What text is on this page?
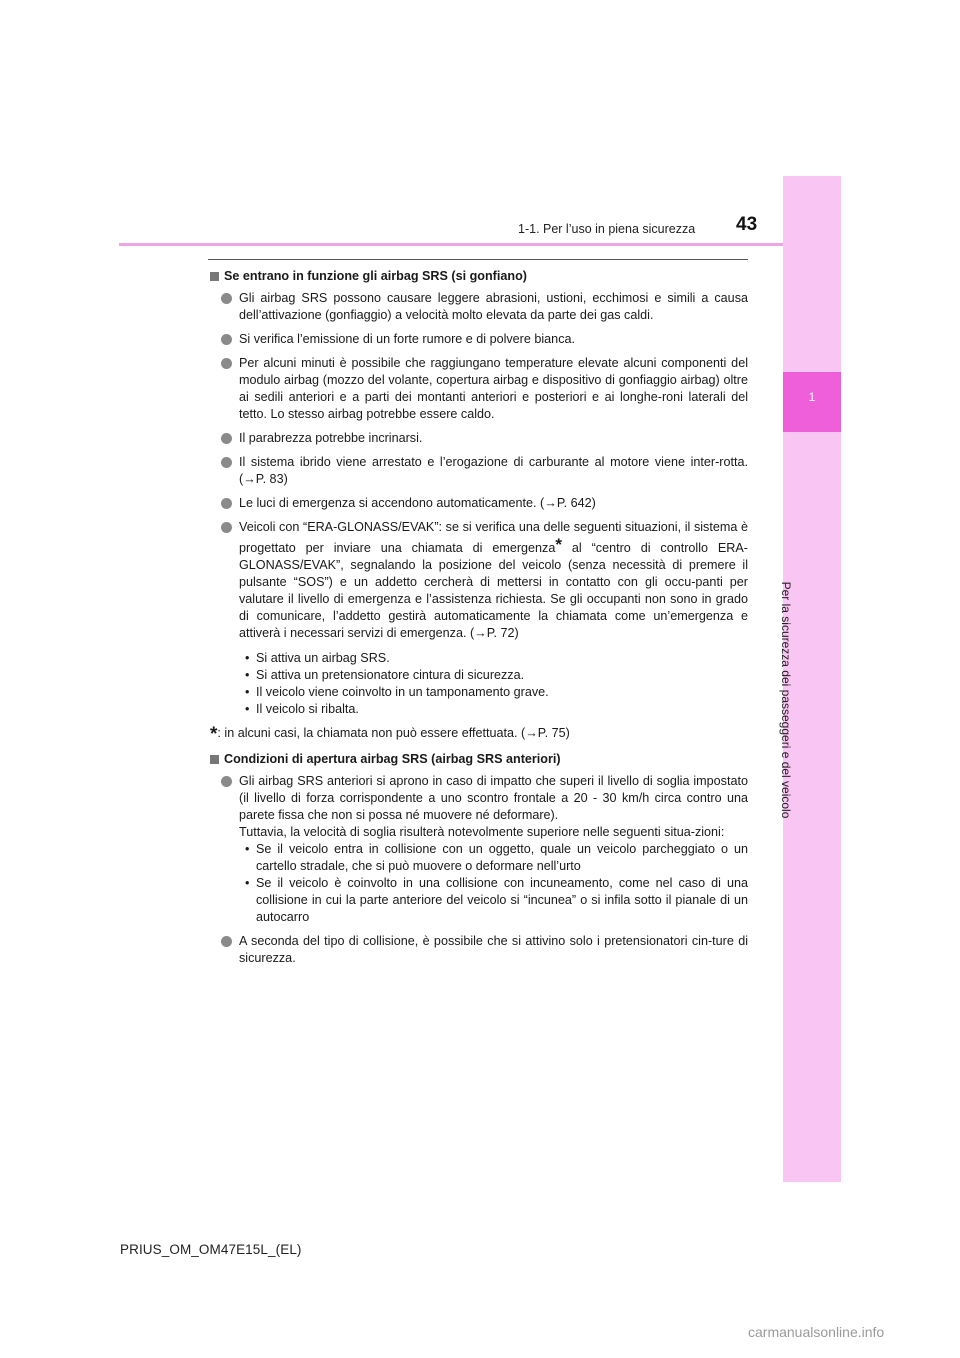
1
Per la sicurezza dei passeggeri e del veicolo
1-1. Per l’uso in piena sicurezza 43
Se entrano in funzione gli airbag SRS (si gonfiano)

Gli airbag SRS possono causare leggere abrasioni, ustioni, ecchimosi e simili a causa dell’attivazione (gonfiaggio) a velocità molto elevata da parte dei gas caldi.

Si verifica l’emissione di un forte rumore e di polvere bianca.

Per alcuni minuti è possibile che raggiungano temperature elevate alcuni componenti del modulo airbag (mozzo del volante, copertura airbag e dispositivo di gonfiaggio airbag) oltre ai sedili anteriori e a parti dei montanti anteriori e posteriori e ai longhe-roni laterali del tetto. Lo stesso airbag potrebbe essere caldo.

Il parabrezza potrebbe incrinarsi.

Il sistema ibrido viene arrestato e l’erogazione di carburante al motore viene inter-rotta. (→P. 83)

Le luci di emergenza si accendono automaticamente. (→P. 642)

Veicoli con “ERA-GLONASS/EVAK”: se si verifica una delle seguenti situazioni, il sistema è progettato per inviare una chiamata di emergenza* al “centro di controllo ERA-GLONASS/EVAK”, segnalando la posizione del veicolo (senza necessità di premere il pulsante “SOS”) e un addetto cercherà di mettersi in contatto con gli occu-panti per valutare il livello di emergenza e l’assistenza richiesta. Se gli occupanti non sono in grado di comunicare, l’addetto gestirà automaticamente la chiamata come un’emergenza e attiverà i necessari servizi di emergenza. (→P. 72)

• Si attiva un airbag SRS.
• Si attiva un pretensionatore cintura di sicurezza.
• Il veicolo viene coinvolto in un tamponamento grave.
• Il veicolo si ribalta.
*: in alcuni casi, la chiamata non può essere effettuata. (→P. 75)
Condizioni di apertura airbag SRS (airbag SRS anteriori)

Gli airbag SRS anteriori si aprono in caso di impatto che superi il livello di soglia impostato (il livello di forza corrispondente a uno scontro frontale a 20 - 30 km/h circa contro una parete fissa che non si possa né muovere né deformare).

Tuttavia, la velocità di soglia risulterà notevolmente superiore nelle seguenti situa-zioni:

• Se il veicolo entra in collisione con un oggetto, quale un veicolo parcheggiato o un cartello stradale, che si può muovere o deformare nell’urto
• Se il veicolo è coinvolto in una collisione con incuneamento, come nel caso di una collisione in cui la parte anteriore del veicolo si “incunea” o si infila sotto il pianale di un autocarro

A seconda del tipo di collisione, è possibile che si attivino solo i pretensionatori cin-ture di sicurezza.

PRIUS_OM_OM47E15L_(EL)
carmanualsonline.info
